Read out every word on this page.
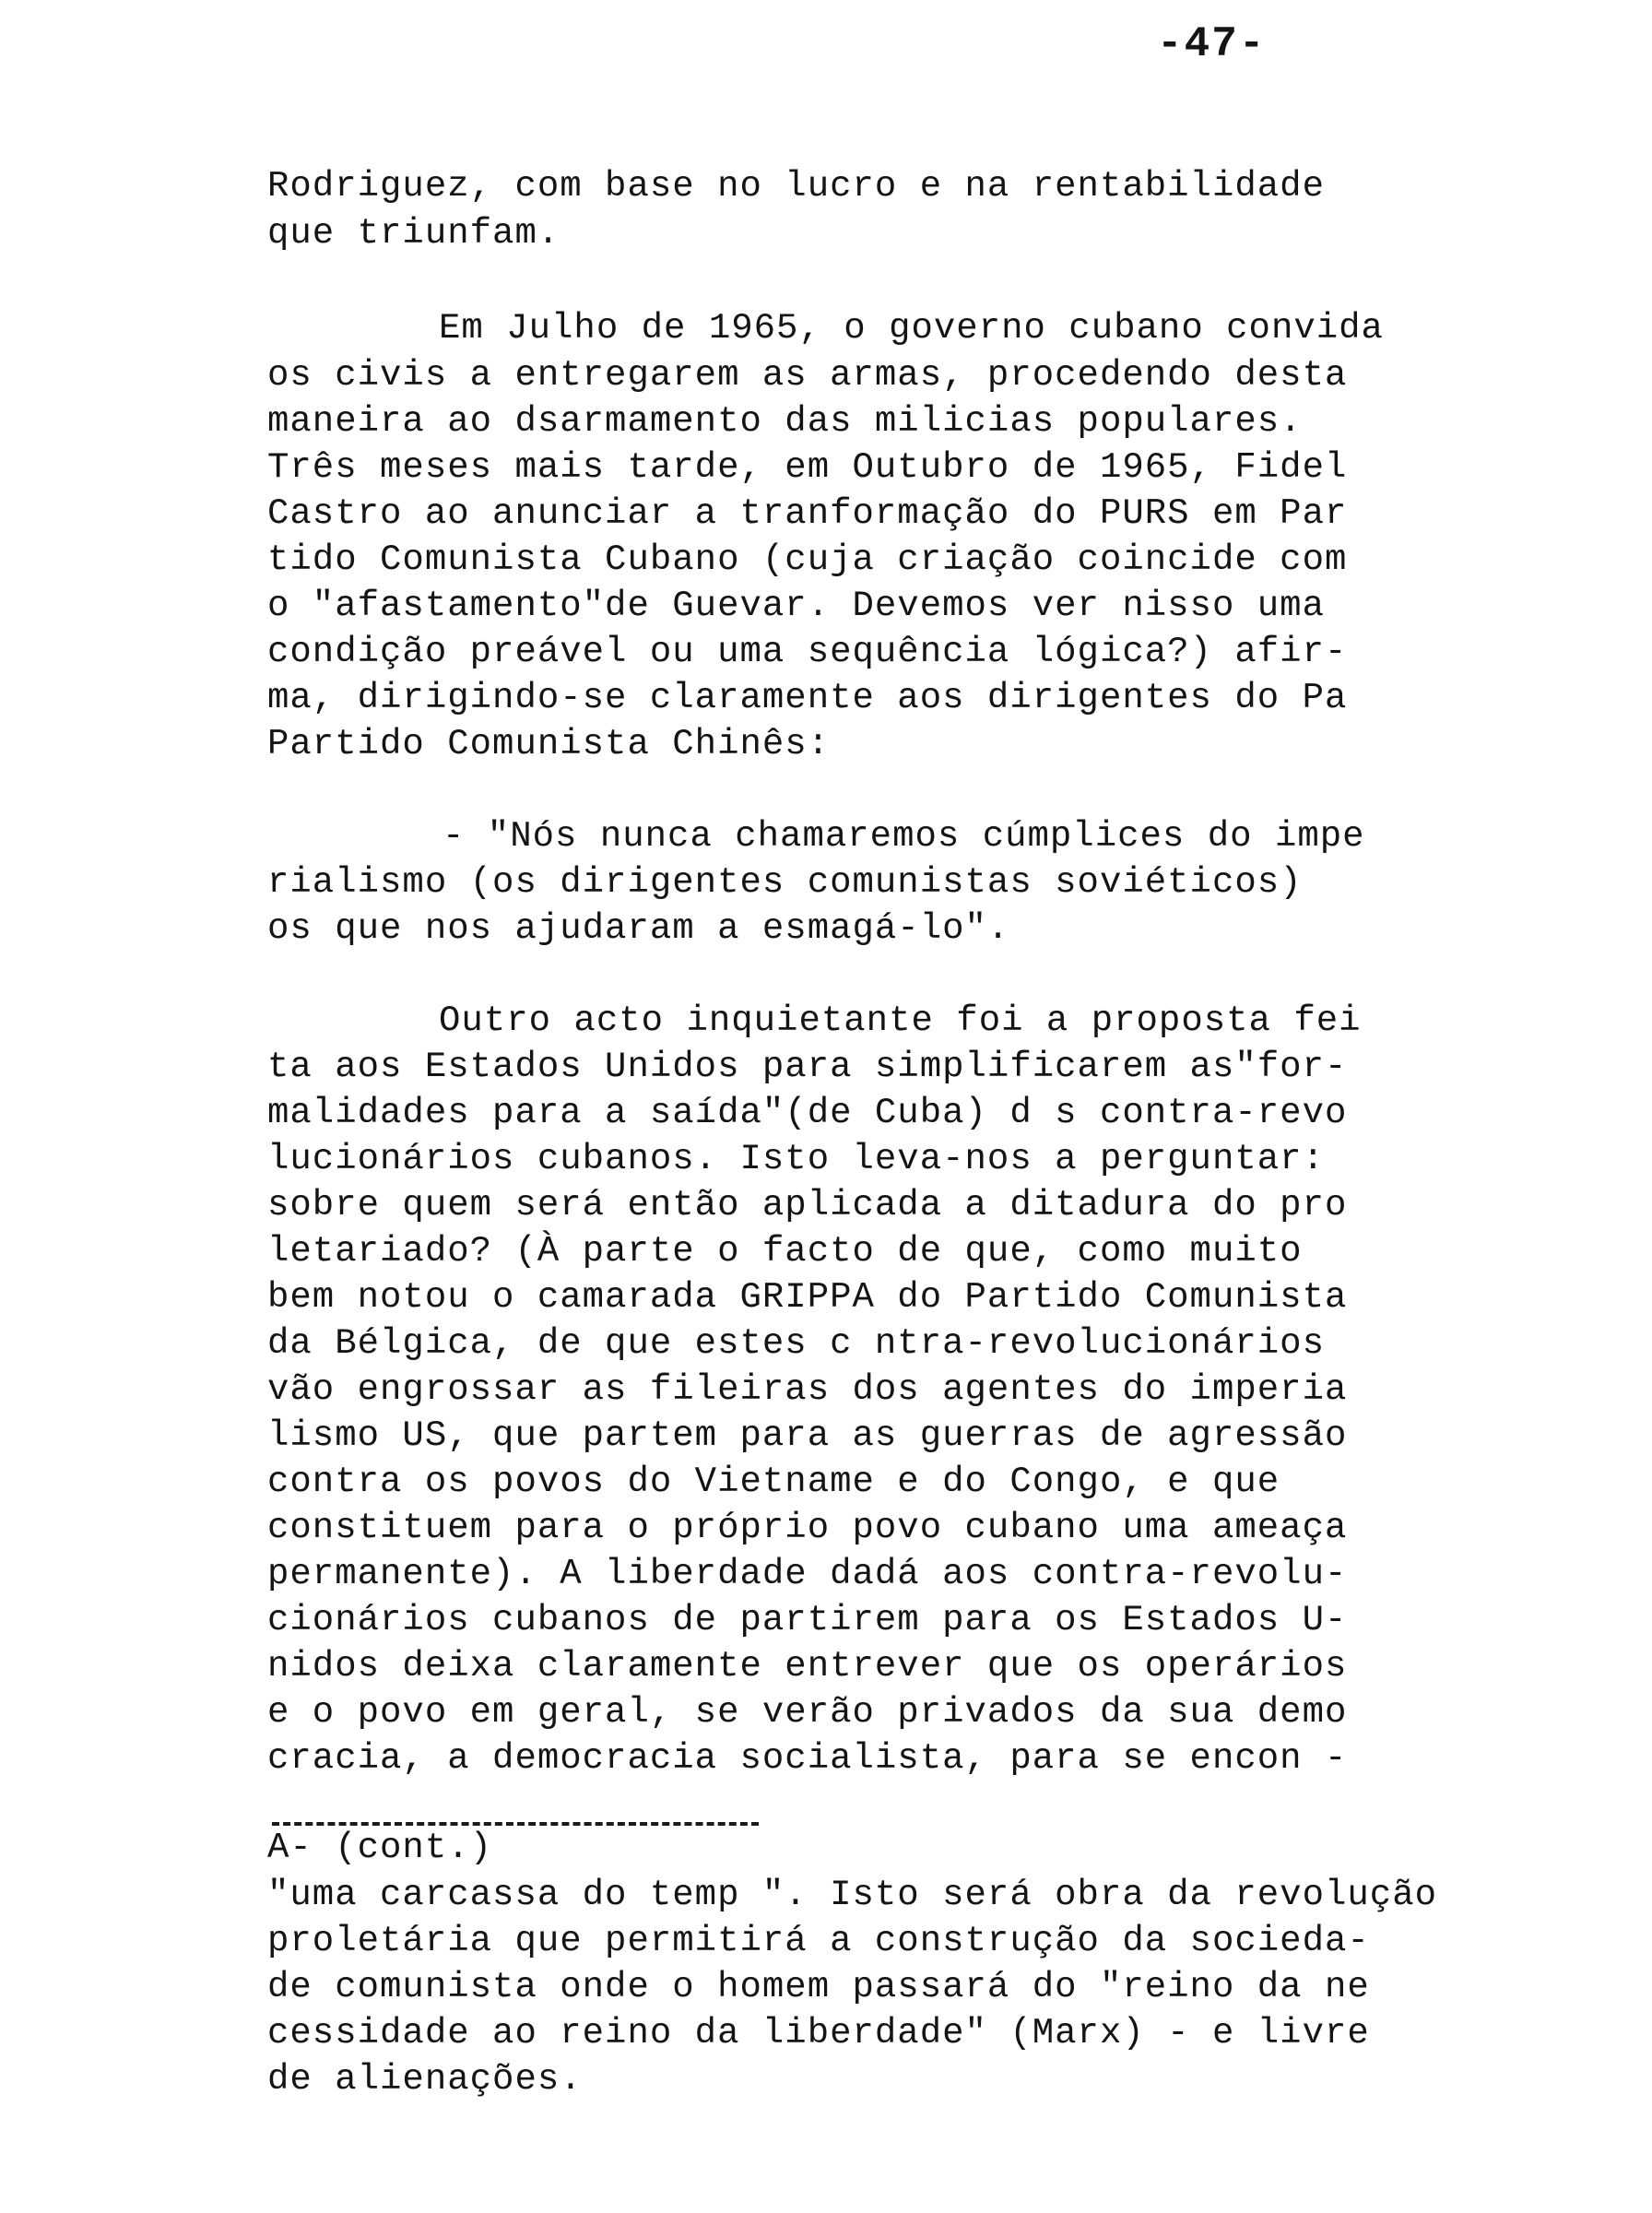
-47-
Rodriguez, com base no lucro e na rentabilidade
que triunfam.
Em Julho de 1965, o governo cubano convida
os civis a entregarem as armas, procedendo desta
maneira ao dsarmamento das milicias populares.
Três meses mais tarde, em Outubro de 1965, Fidel
Castro ao anunciar a tranformação do PURS em Par
tido Comunista Cubano (cuja criação coincide com
o "afastamento"de Guevar. Devemos ver nisso uma
condição preável ou uma sequência lógica?) afir-
ma, dirigindo-se claramente aos dirigentes do Pa
Partido Comunista Chinês:
- "Nós nunca chamaremos cúmplices do impe
rialismo (os dirigentes comunistas soviéticos)
os que nos ajudaram a esmagá-lo".
Outro acto inquietante foi a proposta fei
ta aos Estados Unidos para simplificarem as"for-
malidades para a saída"(de Cuba) d s contra-revo
lucionários cubanos. Isto leva-nos a perguntar:
sobre quem será então aplicada a ditadura do pro
letariado? (À parte o facto de que, como muito
bem notou o camarada GRIPPA do Partido Comunista
da Bélgica, de que estes c ntra-revolucionários
vão engrossar as fileiras dos agentes do imperia
lismo US, que partem para as guerras de agressão
contra os povos do Vietname e do Congo, e que
constituem para o próprio povo cubano uma ameaça
permanente). A liberdade dadá aos contra-revolu-
cionários cubanos de partirem para os Estados U-
nidos deixa claramente entrever que os operários
e o povo em geral, se verão privados da sua demo
cracia, a democracia socialista, para se encon -
A- (cont.)
"uma carcassa do temp ". Isto será obra da revolução
proletária que permitirá a construção da socieda-
de comunista onde o homem passará do "reino da ne
cessidade ao reino da liberdade" (Marx) - e livre
de alienações.
